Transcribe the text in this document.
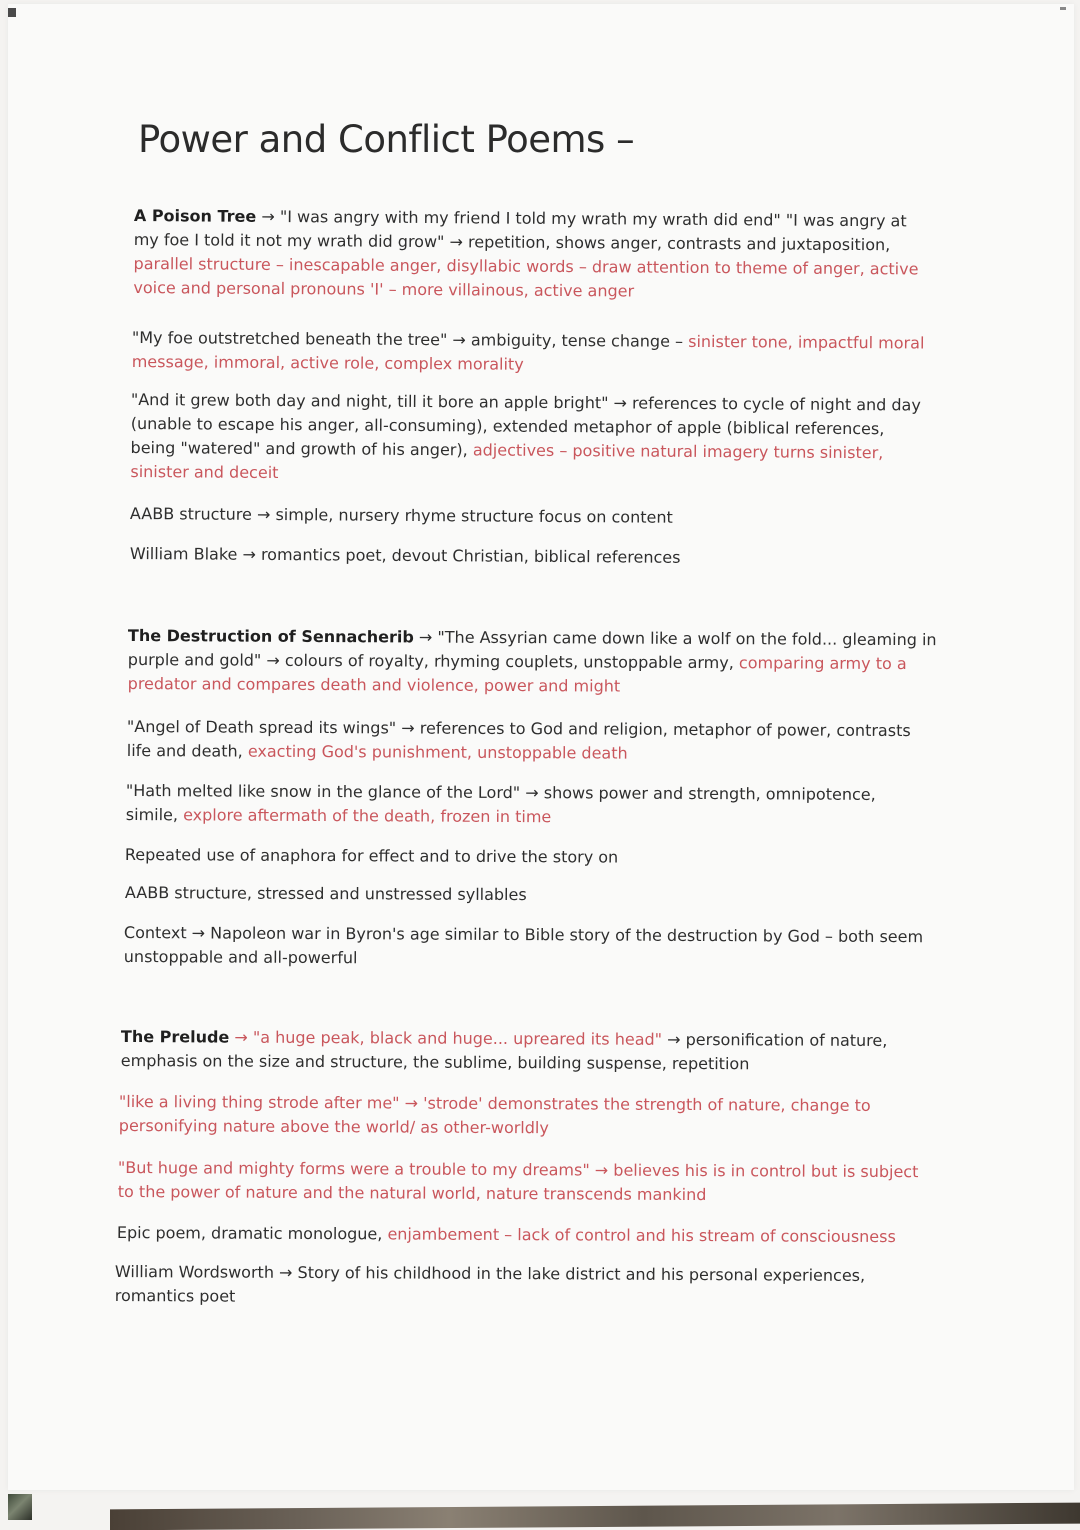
Power and Conflict Poems –

A Poison Tree → "I was angry with my friend I told my wrath my wrath did end" "I was angry at my foe I told it not my wrath did grow" → repetition, shows anger, contrasts and juxtaposition, parallel structure – inescapable anger, disyllabic words – draw attention to theme of anger, active voice and personal pronouns 'I' – more villainous, active anger

"My foe outstretched beneath the tree" → ambiguity, tense change – sinister tone, impactful moral message, immoral, active role, complex morality

"And it grew both day and night, till it bore an apple bright" → references to cycle of night and day (unable to escape his anger, all-consuming), extended metaphor of apple (biblical references, being "watered" and growth of his anger), adjectives – positive natural imagery turns sinister, sinister and deceit

AABB structure → simple, nursery rhyme structure focus on content

William Blake → romantics poet, devout Christian, biblical references

The Destruction of Sennacherib → "The Assyrian came down like a wolf on the fold... gleaming in purple and gold" → colours of royalty, rhyming couplets, unstoppable army, comparing army to a predator and compares death and violence, power and might

"Angel of Death spread its wings" → references to God and religion, metaphor of power, contrasts life and death, exacting God's punishment, unstoppable death

"Hath melted like snow in the glance of the Lord" → shows power and strength, omnipotence, simile, explore aftermath of the death, frozen in time

Repeated use of anaphora for effect and to drive the story on

AABB structure, stressed and unstressed syllables

Context → Napoleon war in Byron's age similar to Bible story of the destruction by God – both seem unstoppable and all-powerful

The Prelude → "a huge peak, black and huge... upreared its head" → personification of nature, emphasis on the size and structure, the sublime, building suspense, repetition

"like a living thing strode after me" → 'strode' demonstrates the strength of nature, change to personifying nature above the world/ as other-worldly

"But huge and mighty forms were a trouble to my dreams" → believes his is in control but is subject to the power of nature and the natural world, nature transcends mankind

Epic poem, dramatic monologue, enjambement – lack of control and his stream of consciousness

William Wordsworth → Story of his childhood in the lake district and his personal experiences, romantics poet
